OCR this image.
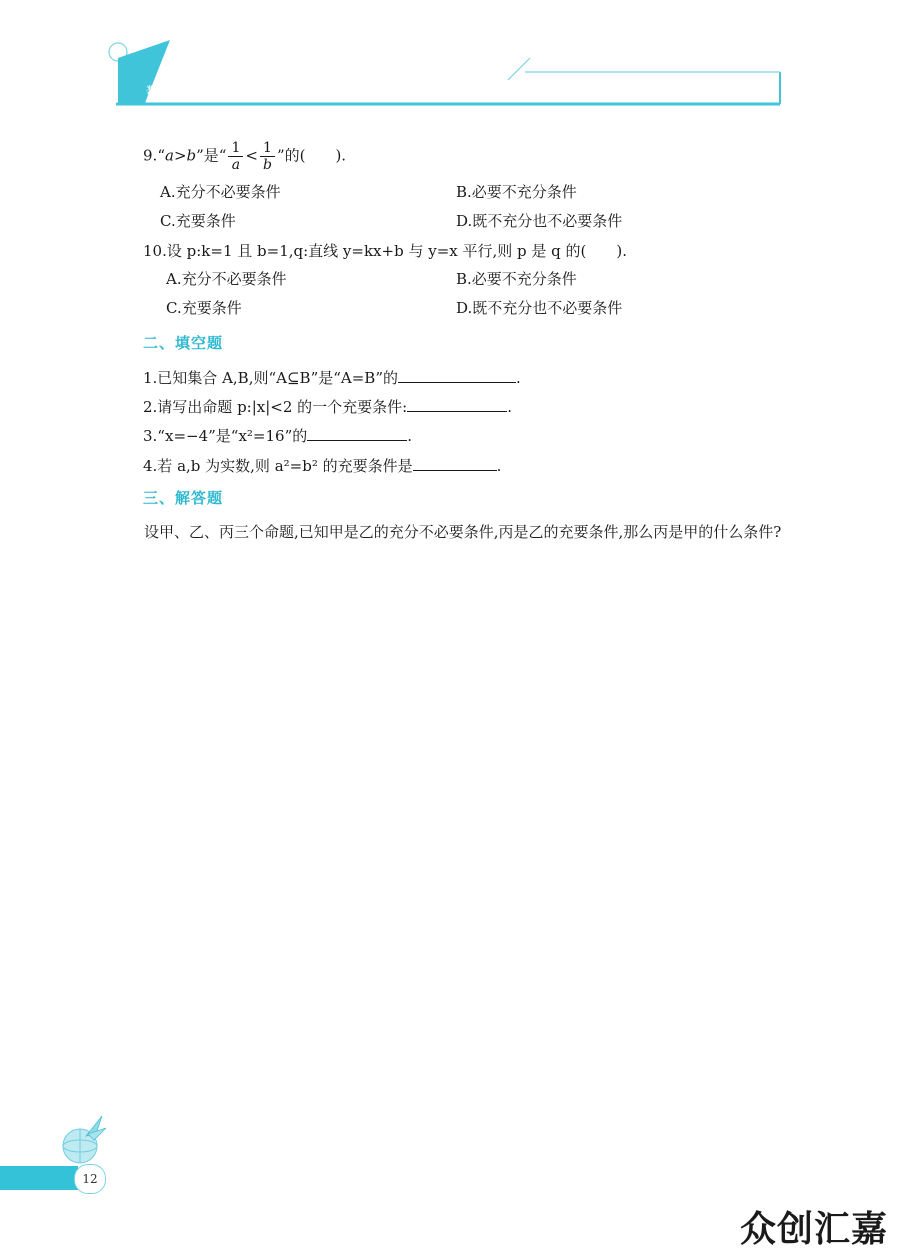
数学同步练(拓展模块一·上册)
9.“a>b”是“ $\frac{1}{a} < \frac{1}{b}$ ”的(　　).
A.充分不必要条件	B.必要不充分条件
C.充要条件	D.既不充分也不必要条件
10.设 p:k=1 且 b=1,q:直线 y=kx+b 与 y=x 平行,则 p 是 q 的(　　).
A.充分不必要条件	B.必要不充分条件
C.充要条件	D.既不充分也不必要条件
二、填空题
1.已知集合 A,B,则“A⊆B”是“A=B”的	.
2.请写出命题 p:|x|<2 的一个充要条件:	.
3.“x=−4”是“x²=16”的	.
4.若 a,b 为实数,则 a²=b² 的充要条件是	.
三、解答题
设甲、乙、丙三个命题,已知甲是乙的充分不必要条件,丙是乙的充要条件,那么丙是甲的什么条件?
12
众创汇嘉
